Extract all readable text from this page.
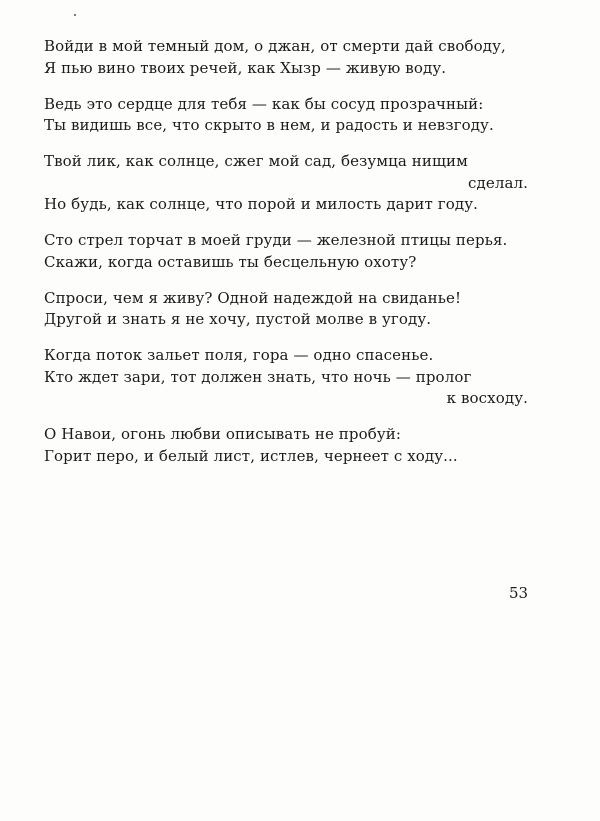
Войди в мой темный дом, о джан, от смерти дай свободу,
Я пью вино твоих речей, как Хызр — живую воду.
Ведь это сердце для тебя — как бы сосуд прозрачный:
Ты видишь все, что скрыто в нем, и радость и невзгоду.
Твой лик, как солнце, сжег мой сад, безумца нищим
сделал.
Но будь, как солнце, что порой и милость дарит году.
Сто стрел торчат в моей груди — железной птицы перья.
Скажи, когда оставишь ты бесцельную охоту?
Спроси, чем я живу? Одной надеждой на свиданье!
Другой и знать я не хочу, пустой молве в угоду.
Когда поток зальет поля, гора — одно спасенье.
Кто ждет зари, тот должен знать, что ночь — пролог
к восходу.
О Навои, огонь любви описывать не пробуй:
Горит перо, и белый лист, истлев, чернеет с ходу...
53
